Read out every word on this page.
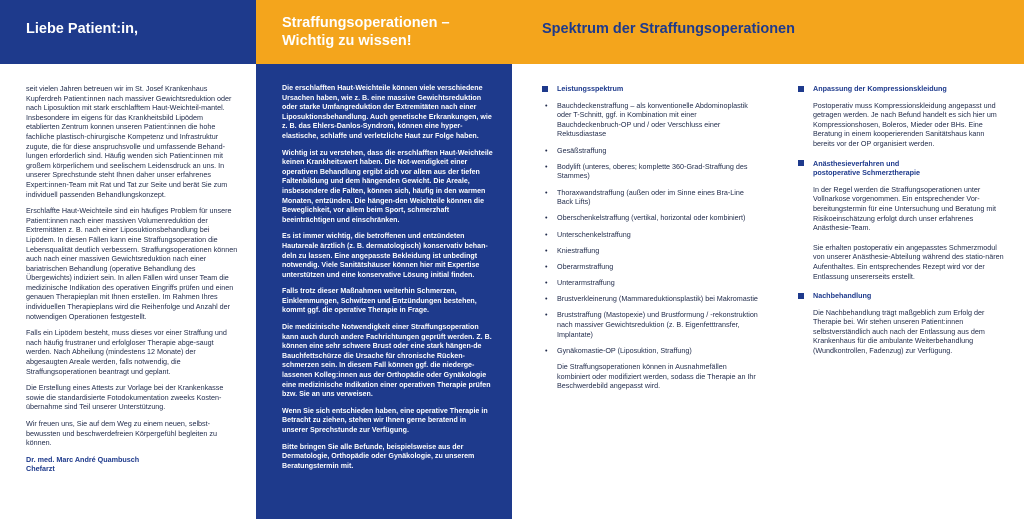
Liebe Patient:in,

seit vielen Jahren betreuen wir im St. Josef Krankenhaus Kupferdreh Patient:innen nach massiver Gewichtsreduktion oder nach Liposuktion mit stark erschlafftem Haut-Weichteil-mantel. Insbesondere im eigens für das Krankheitsbild Lipödem etablierten Zentrum konnen unseren Patient:innen die hohe fachliche plastisch-chirurgische Kompetenz und Infrastruktur zugute, die für diese anspruchsvolle und umfassende Behand-lungen erforderlich sind. Häufig wenden sich Patient:innen mit großem körperlichem und seelischem Leidensdruck an uns. In unserer Sprechstunde steht Ihnen daher unser erfahrenes Expert:innen-Team mit Rat und Tat zur Seite und berät Sie zum individuell passenden Behandlungskonzept.

Erschlaffte Haut-Weichteile sind ein häufiges Problem für unsere Patient:innen nach einer massiven Volumenreduktion der Extremitäten z. B. nach einer Liposuktionsbehandlung bei Lipödem. In diesen Fällen kann eine Straffungsoperation die Lebensqualität deutlich verbessern. Straffungsoperationen können auch nach einer massiven Gewichtsreduktion nach einer bariatrischen Behandlung (operative Behandlung des Übergewichts) indiziert sein. In allen Fällen wird unser Team die medizinische Indikation des operativen Eingriffs prüfen und einen genauen Therapieplan mit Ihnen erstellen. Im Rahmen Ihres individuellen Therapieplans wird die Reihenfolge und Anzahl der notwendigen Operationen festgestellt.

Falls ein Lipödem besteht, muss dieses vor einer Straffung und nach häufig frustraner und erfolgloser Therapie abge-saugt werden. Nach Abheilung (mindestens 12 Monate) der abgesaugten Areale werden, falls notwendig, die Straffungsoperationen beantragt und geplant.

Die Erstellung eines Attests zur Vorlage bei der Krankenkasse sowie die standardisierte Fotodokumentation zweeks Kosten-übernahme sind Teil unserer Unterstützung.

Wir freuen uns, Sie auf dem Weg zu einem neuen, selbst-bewussten und beschwerdefreien Körpergefühl begleiten zu können.

Dr. med. Marc André Quambusch
Chefarzt
Straffungsoperationen –
Wichtig zu wissen!

Die erschlafften Haut-Weichteile können viele verschiedene Ursachen haben, wie z. B. eine massive Gewichtsreduktion oder starke Umfangreduktion der Extremitäten nach einer Liposuktionsbehandlung. Auch genetische Erkrankungen, wie z. B. das Ehlers-Danlos-Syndrom, können eine hyper-elastische, schlaffe und verletzliche Haut zur Folge haben.

Wichtig ist zu verstehen, dass die erschlafften Haut-Weichteile keinen Krankheitswert haben. Die Not-wendigkeit einer operativen Behandlung ergibt sich vor allem aus der tiefen Faltenbildung und dem hängenden Gewicht. Die Areale, insbesondere die Falten, können sich, häufig in den warmen Monaten, entzünden. Die hängen-den Weichteile können die Beweglichkeit, vor allem beim Sport, schmerzhaft beeinträchtigen und einschränken.

Es ist immer wichtig, die betroffenen und entzündeten Hautareale ärztlich (z. B. dermatologisch) konservativ behan-deln zu lassen. Eine angepasste Bekleidung ist unbedingt notwendig. Viele Sanitätshäuser können hier mit Expertise unterstützen und eine konservative Lösung initial finden.

Falls trotz dieser Maßnahmen weiterhin Schmerzen, Einklemmungen, Schwitzen und Entzündungen bestehen, kommt ggf. die operative Therapie in Frage.

Die medizinische Notwendigkeit einer Straffungsoperation kann auch durch andere Fachrichtungen geprüft werden. Z. B. können eine sehr schwere Brust oder eine stark hängen-de Bauchfettschürze die Ursache für chronische Rücken-schmerzen sein. In diesem Fall können ggf. die niederge-lassenen Kolleg:innen aus der Orthopädie oder Gynäkologie eine medizinische Indikation einer operativen Therapie prüfen bzw. Sie an uns verweisen.

Wenn Sie sich entschieden haben, eine operative Therapie in Betracht zu ziehen, stehen wir Ihnen gerne beratend in unserer Sprechstunde zur Verfügung.

Bitte bringen Sie alle Befunde, beispielsweise aus der Dermatologie, Orthopädie oder Gynäkologie, zu unserem Beratungstermin mit.

Spektrum der Straffungsoperationen
Leistungsspektrum
• Bauchdeckenstraffung – als konventionelle Abdominoplastik oder T-Schnitt, ggf. in Kombination mit einer Bauchdeckenbruch-OP und / oder Verschluss einer Rektusdiastase
• Gesäßstraffung
• Bodylift (unteres, oberes; komplette 360-Grad-Straffung des Stammes)
• Thoraxwandstraffung (außen oder im Sinne eines Bra-Line Back Lifts)
• Oberschenkelstraffung (vertikal, horizontal oder kombiniert)
• Unterschenkelstraffung
• Kniestraffung
• Oberarmstraffung
• Unterarmstraffung
• Brustverkleinerung (Mammareduktionsplastik) bei Makromastie
• Bruststraffung (Mastopexie) und Brustformung / -rekonstruktion nach massiver Gewichtsreduktion (z. B. Eigenfetttransfer, Implantate)
• Gynäkomastie-OP (Liposuktion, Straffung)
Die Straffungsoperationen können in Ausnahmefällen kombiniert oder modifiziert werden, sodass die Therapie an Ihr Beschwerdebild angepasst wird.
Anpassung der Kompressionskleidung
Postoperativ muss Kompressionskleidung angepasst und getragen werden. Je nach Befund handelt es sich hier um Kompressionshosen, Boleros, Mieder oder BHs. Eine Beratung in einem kooperierenden Sanitätshaus kann bereits vor der OP organisiert werden.
Anästhesieverfahren und
postoperative Schmerztherapie
In der Regel werden die Straffungsoperationen unter Vollnarkose vorgenommen. Ein entsprechender Vor-bereitungstermin für eine Untersuchung und Beratung mit Risikoeinschätzung erfolgt durch unser erfahrenes Anästhesie-Team.
Sie erhalten postoperativ ein angepasstes Schmerzmodul von unserer Anästhesie-Abteilung während des statio-nären Aufenthaltes. Ein entsprechendes Rezept wird vor der Entlassung unsererseits erstellt.
Nachbehandlung
Die Nachbehandlung trägt maßgeblich zum Erfolg der Therapie bei. Wir stehen unseren Patient:innen selbstverständlich auch nach der Entlassung aus dem Krankenhaus für die ambulante Weiterbehandlung (Wundkontrollen, Fadenzug) zur Verfügung.
